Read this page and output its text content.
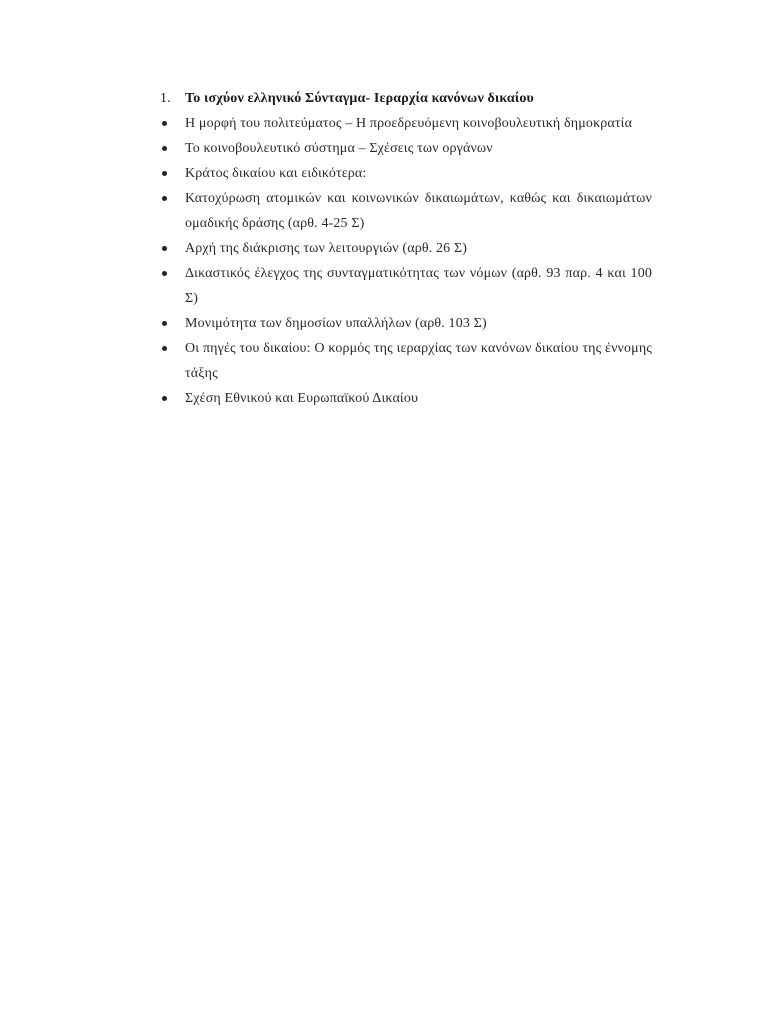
1.	Το ισχύον ελληνικό Σύνταγμα- Ιεραρχία κανόνων δικαίου
Η μορφή του πολιτεύματος – Η προεδρευόμενη κοινοβουλευτική δημοκρατία
Το κοινοβουλευτικό σύστημα – Σχέσεις των οργάνων
Κράτος δικαίου και ειδικότερα:
Κατοχύρωση ατομικών και κοινωνικών δικαιωμάτων, καθώς και δικαιωμάτων ομαδικής δράσης (αρθ. 4-25 Σ)
Αρχή της διάκρισης των λειτουργιών (αρθ. 26 Σ)
Δικαστικός έλεγχος της συνταγματικότητας των νόμων (αρθ. 93 παρ. 4 και 100 Σ)
Μονιμότητα των δημοσίων υπαλλήλων (αρθ. 103 Σ)
Οι πηγές του δικαίου: Ο κορμός της ιεραρχίας των κανόνων δικαίου της έννομης τάξης
Σχέση Εθνικού και Ευρωπαϊκού Δικαίου
